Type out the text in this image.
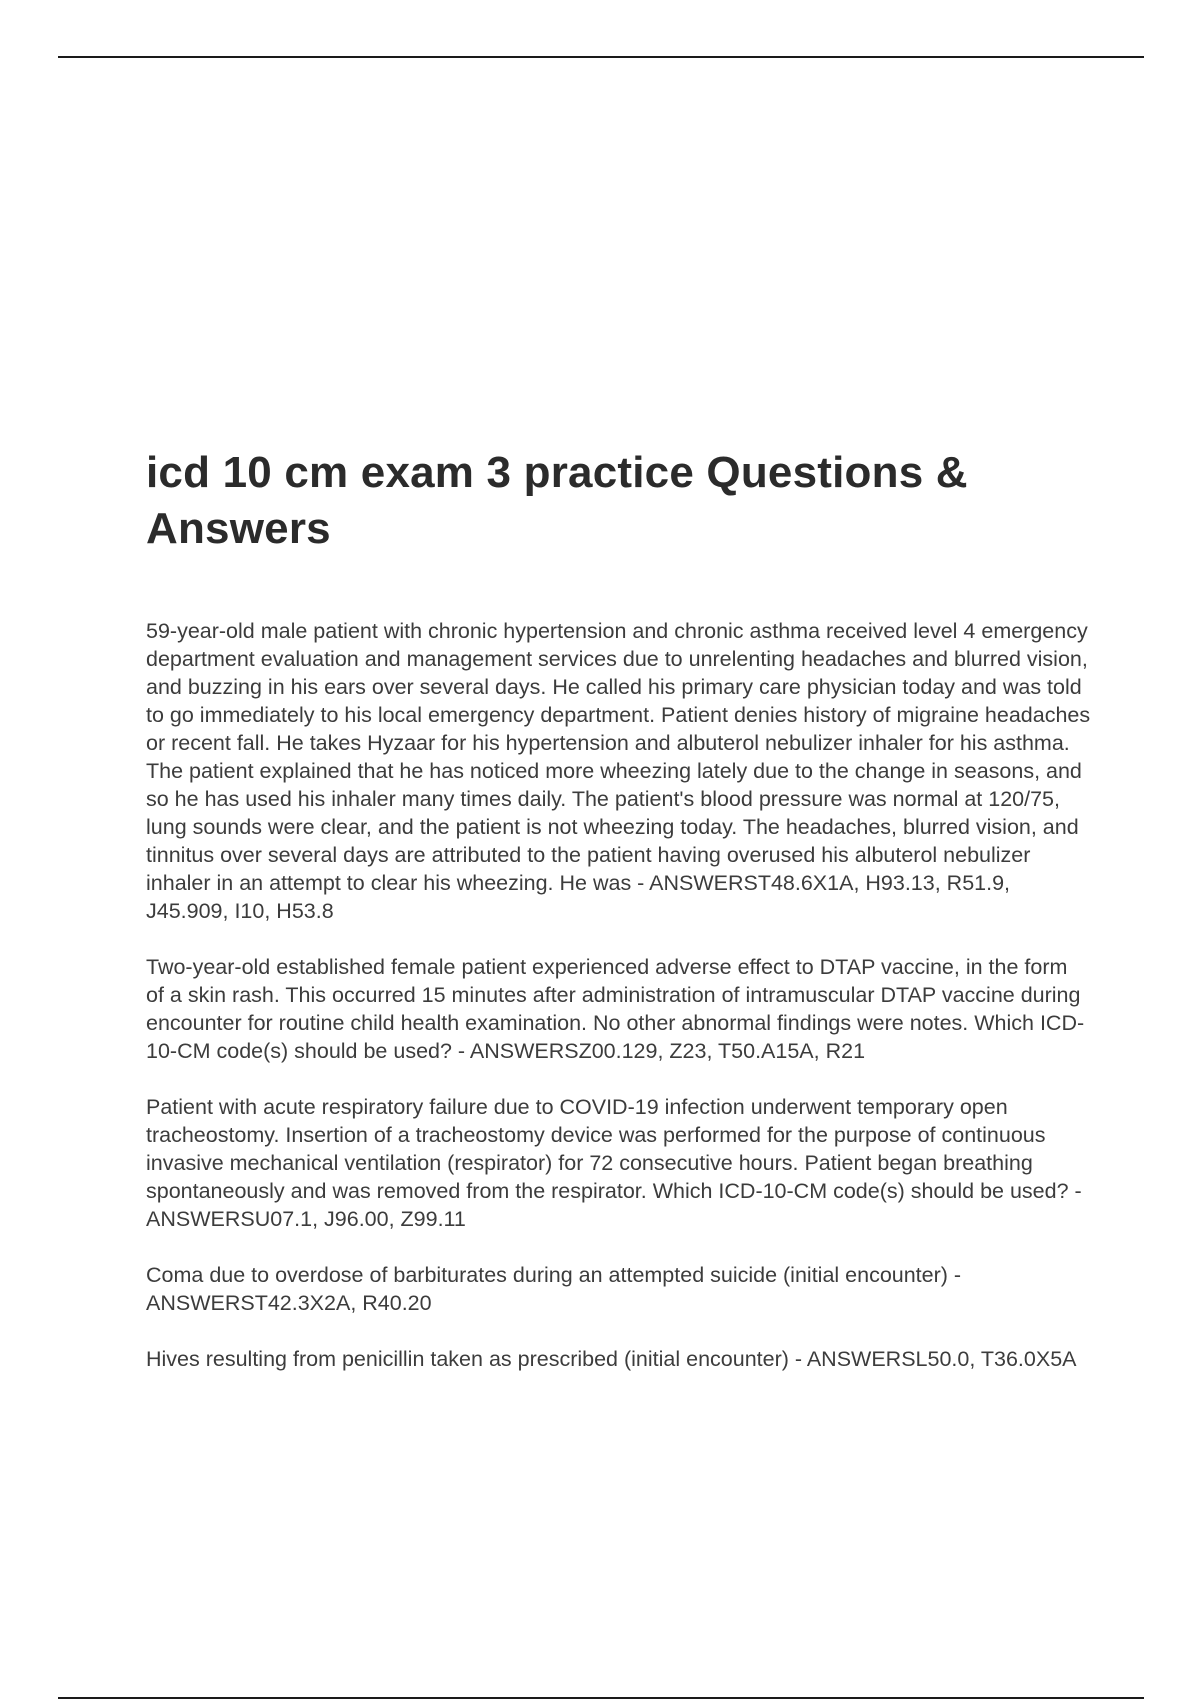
icd 10 cm exam 3 practice Questions & Answers

59-year-old male patient with chronic hypertension and chronic asthma received level 4 emergency department evaluation and management services due to unrelenting headaches and blurred vision, and buzzing in his ears over several days. He called his primary care physician today and was told to go immediately to his local emergency department. Patient denies history of migraine headaches or recent fall. He takes Hyzaar for his hypertension and albuterol nebulizer inhaler for his asthma. The patient explained that he has noticed more wheezing lately due to the change in seasons, and so he has used his inhaler many times daily. The patient's blood pressure was normal at 120/75, lung sounds were clear, and the patient is not wheezing today. The headaches, blurred vision, and tinnitus over several days are attributed to the patient having overused his albuterol nebulizer inhaler in an attempt to clear his wheezing. He was - ANSWERST48.6X1A, H93.13, R51.9, J45.909, I10, H53.8

Two-year-old established female patient experienced adverse effect to DTAP vaccine, in the form of a skin rash. This occurred 15 minutes after administration of intramuscular DTAP vaccine during encounter for routine child health examination. No other abnormal findings were notes. Which ICD-10-CM code(s) should be used? - ANSWERSZ00.129, Z23, T50.A15A, R21

Patient with acute respiratory failure due to COVID-19 infection underwent temporary open tracheostomy. Insertion of a tracheostomy device was performed for the purpose of continuous invasive mechanical ventilation (respirator) for 72 consecutive hours. Patient began breathing spontaneously and was removed from the respirator. Which ICD-10-CM code(s) should be used? - ANSWERSU07.1, J96.00, Z99.11

Coma due to overdose of barbiturates during an attempted suicide (initial encounter) - ANSWERST42.3X2A, R40.20

Hives resulting from penicillin taken as prescribed (initial encounter) - ANSWERSL50.0, T36.0X5A
